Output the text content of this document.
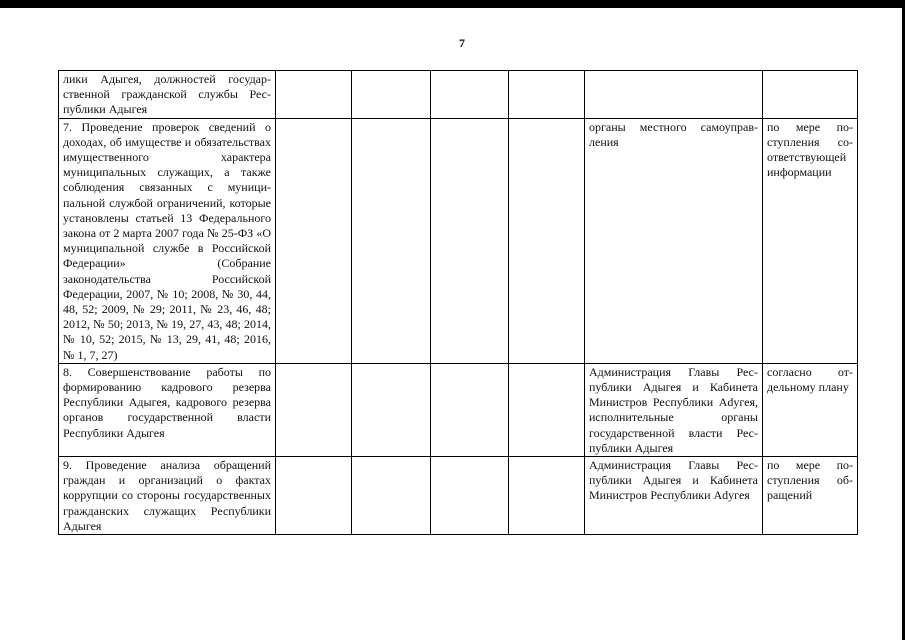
7
лики Адыгея, должностей государственной гражданской службы Республики Адыгея						
7. Проведение проверок сведений о доходах, об имуществе и обязательствах имущественного характера муниципальных служащих, а также соблюдения связанных с муниципальной службой ограничений, которые установлены статьей 13 Федерального закона от 2 марта 2007 года № 25-ФЗ «О муниципальной службе в Российской Федерации» (Собрание законодательства Российской Федерации, 2007, № 10; 2008, № 30, 44, 48, 52; 2009, № 29; 2011, № 23, 46, 48; 2012, № 50; 2013, № 19, 27, 43, 48; 2014, № 10, 52; 2015, № 13, 29, 41, 48; 2016, № 1, 7, 27)					органы местного самоуправления	по мере поступления соответствующей информации
8. Совершенствование работы по формированию кадрового резерва Республики Адыгея, кадрового резерва органов государственной власти Республики Адыгея					Администрация Главы Республики Адыгея и Кабинета Министров Республики Adyгея, исполнительные органы государственной власти Республики Адыгея	согласно отдельному плану
9. Проведение анализа обращений граждан и организаций о фактах коррупции со стороны государственных гражданских служащих Республики Адыгея					Администрация Главы Республики Адыгея и Кабинета Министров Республики Adyгея	по мере поступления обращений
